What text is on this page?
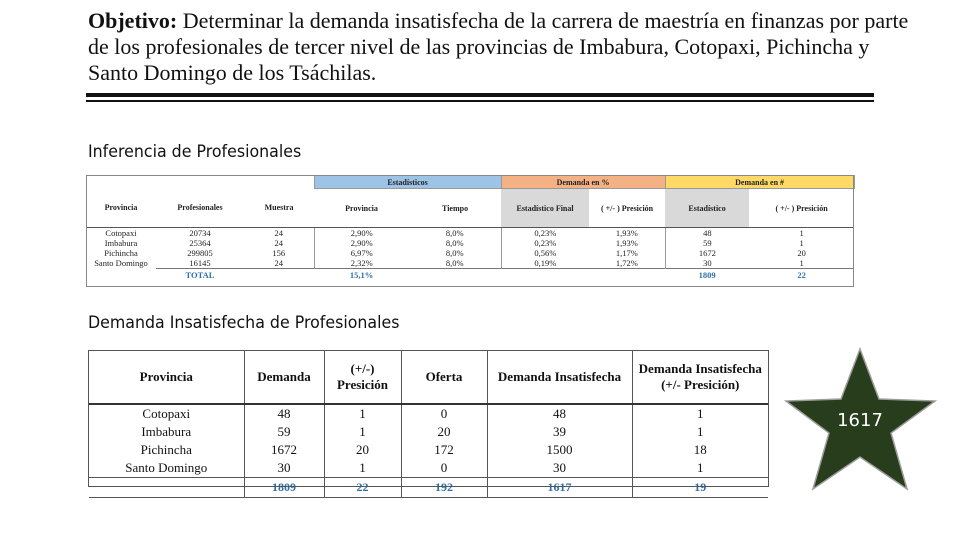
Objetivo: Determinar la demanda insatisfecha de la carrera de maestría en finanzas por parte de los profesionales de tercer nivel de las provincias de Imbabura, Cotopaxi, Pichincha y Santo Domingo de los Tsáchilas.
Inferencia de Profesionales
			Estadísticos		Demanda en %		Demanda en #	
Provincia	Profesionales	Muestra	Provincia	Tiempo	Estadístico Final	( +/- ) Presición	Estadístico	( +/- ) Presición
Cotopaxi	20734	24	2,90%	8,0%	0,23%	1,93%	48	1
Imbabura	25364	24	2,90%	8,0%	0,23%	1,93%	59	1
Pichincha	299805	156	6,97%	8,0%	0,56%	1,17%	1672	20
Santo Domingo	16145	24	2,32%	8,0%	0,19%	1,72%	30	1
	TOTAL		15,1%				1809	22
Demanda Insatisfecha de Profesionales
Provincia	Demanda	(+/-) Presición	Oferta	Demanda Insatisfecha	Demanda Insatisfecha (+/- Presición)
Cotopaxi	48	1	0	48	1
Imbabura	59	1	20	39	1
Pichincha	1672	20	172	1500	18
Santo Domingo	30	1	0	30	1
	1809	22	192	1617	19
1617
